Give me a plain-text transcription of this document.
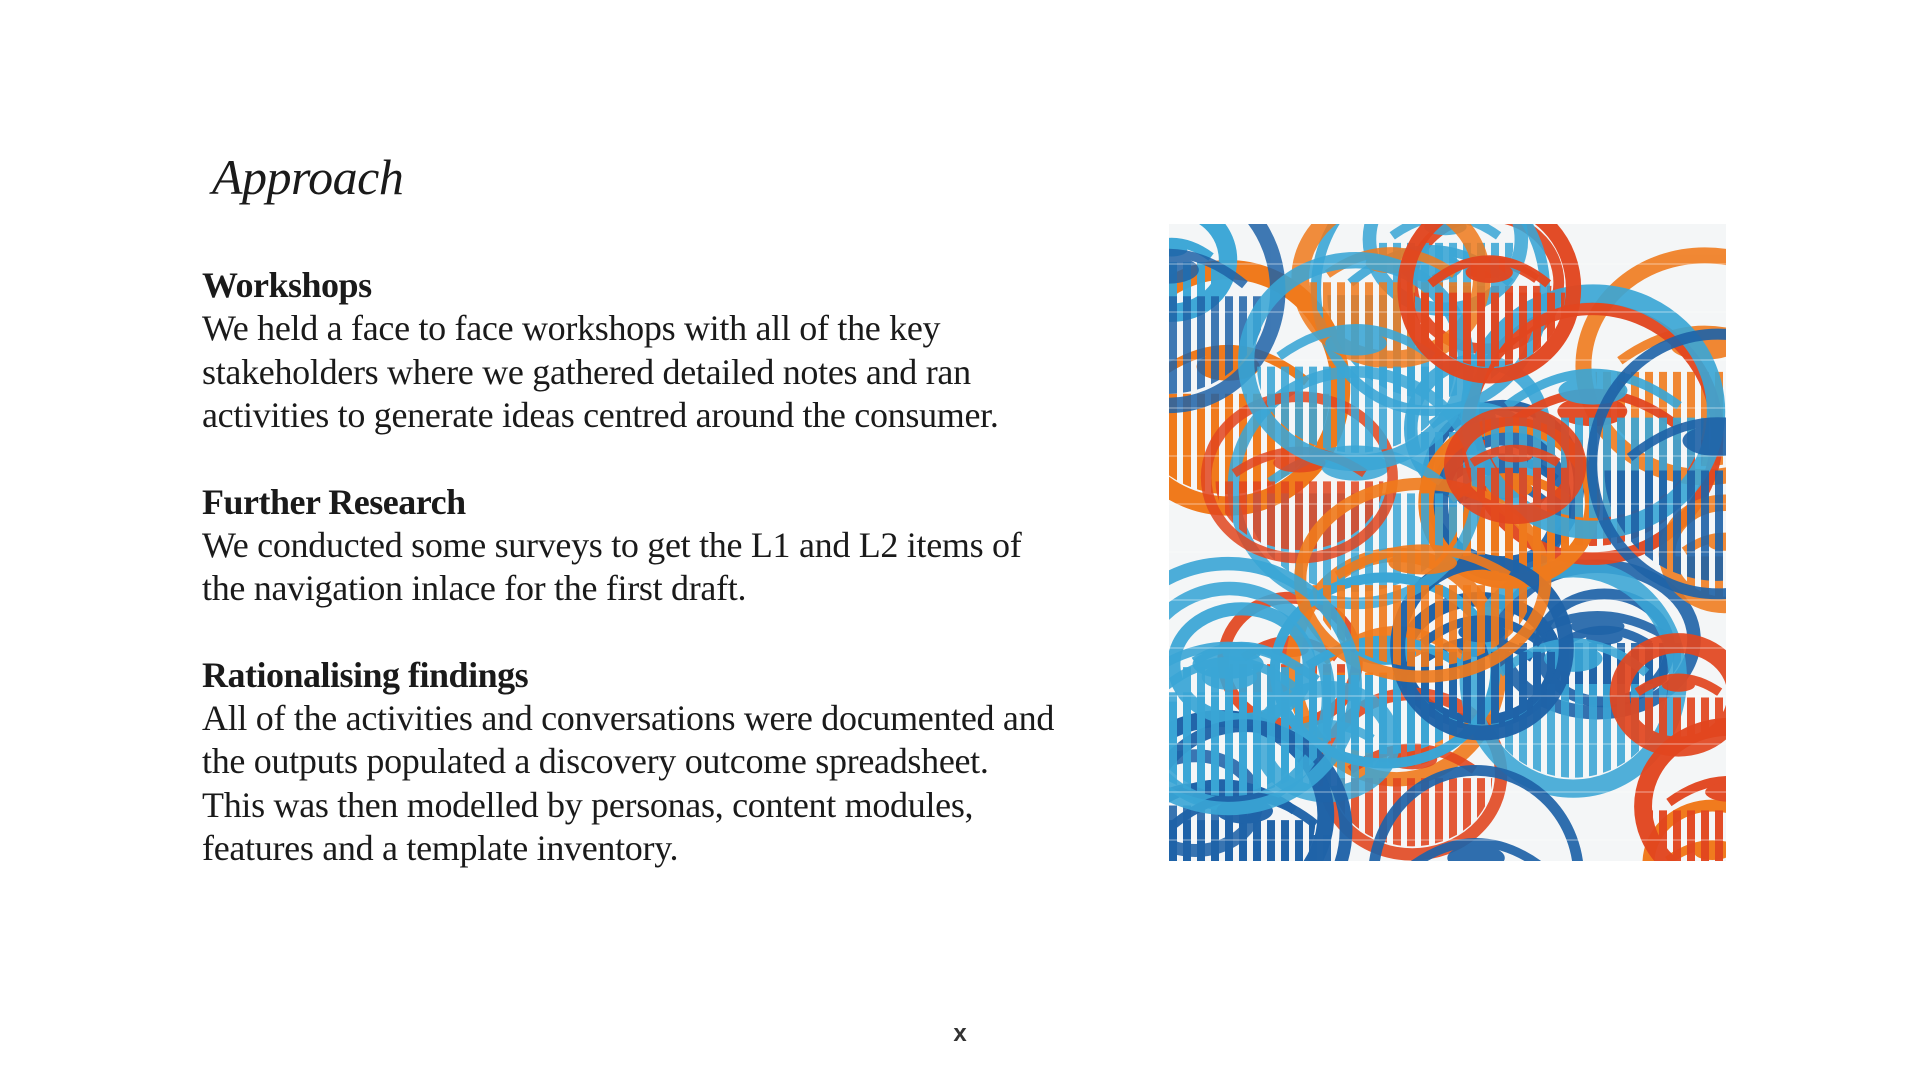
Approach
Workshops

We held a face to face workshops with all of the key

stakeholders where we gathered detailed notes and ran

activities to generate ideas centred around the consumer.

Further Research

We conducted some surveys to get the L1 and L2 items of

the navigation inlace for the first draft.

Rationalising findings

All of the activities and conversations were documented and

the outputs populated a discovery outcome spreadsheet.

This was then modelled by personas, content modules,

features and a template inventory.

x
